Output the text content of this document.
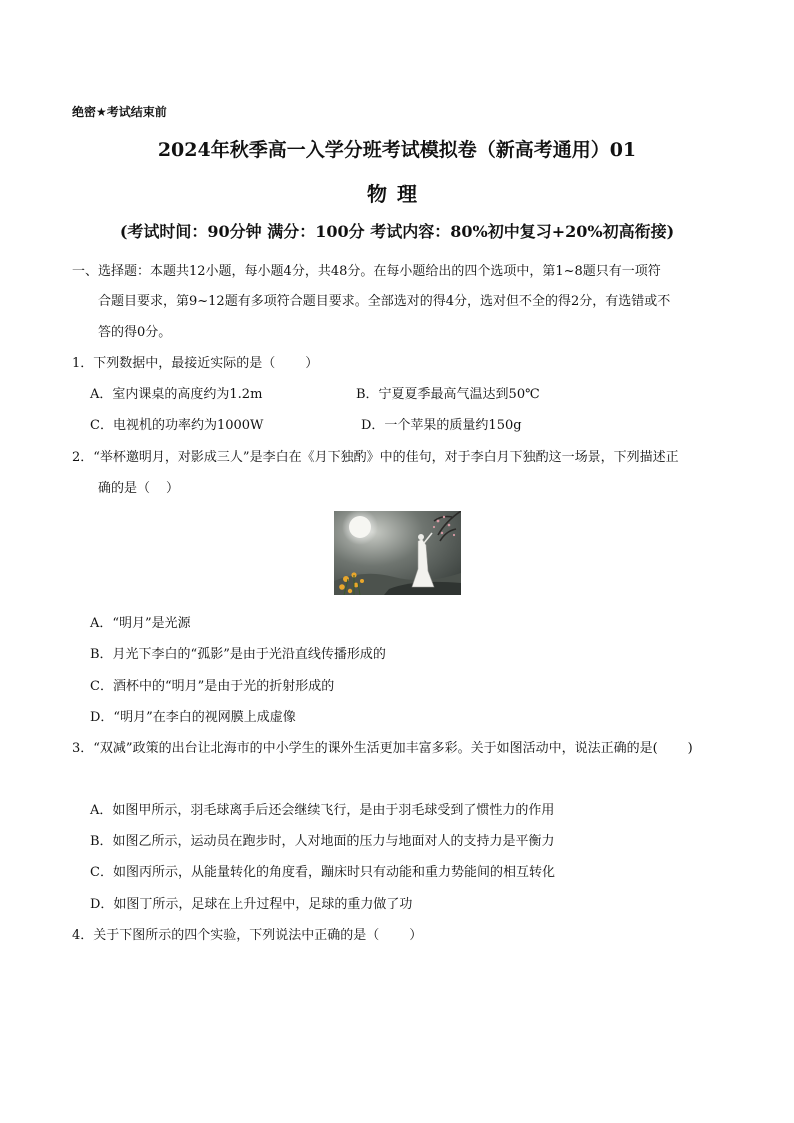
绝密★考试结束前
2024年秋季高一入学分班考试模拟卷（新高考通用）01
物理
(考试时间：90分钟 满分：100分 考试内容：80%初中复习+20%初高衔接)
一、选择题：本题共12小题，每小题4分，共48分。在每小题给出的四个选项中，第1~8题只有一项符
合题目要求，第9~12题有多项符合题目要求。全部选对的得4分，选对但不全的得2分，有选错或不
答的得0分。
1．下列数据中，最接近实际的是（ ）
A．室内课桌的高度约为1.2m	B．宁夏夏季最高气温达到50℃
C．电视机的功率约为1000W	D．一个苹果的质量约150g
2．“举杯邀明月，对影成三人”是李白在《月下独酌》中的佳句，对于李白月下独酌这一场景，下列描述正
确的是（ ）
A．“明月”是光源
B．月光下李白的“孤影”是由于光沿直线传播形成的
C．酒杯中的“明月”是由于光的折射形成的
D．“明月”在李白的视网膜上成虚像
3．“双减”政策的出台让北海市的中小学生的课外生活更加丰富多彩。关于如图活动中，说法正确的是( )
A．如图甲所示，羽毛球离手后还会继续飞行，是由于羽毛球受到了惯性力的作用
B．如图乙所示，运动员在跑步时，人对地面的压力与地面对人的支持力是平衡力
C．如图丙所示，从能量转化的角度看，蹦床时只有动能和重力势能间的相互转化
D．如图丁所示，足球在上升过程中，足球的重力做了功
4．关于下图所示的四个实验，下列说法中正确的是（ ）
